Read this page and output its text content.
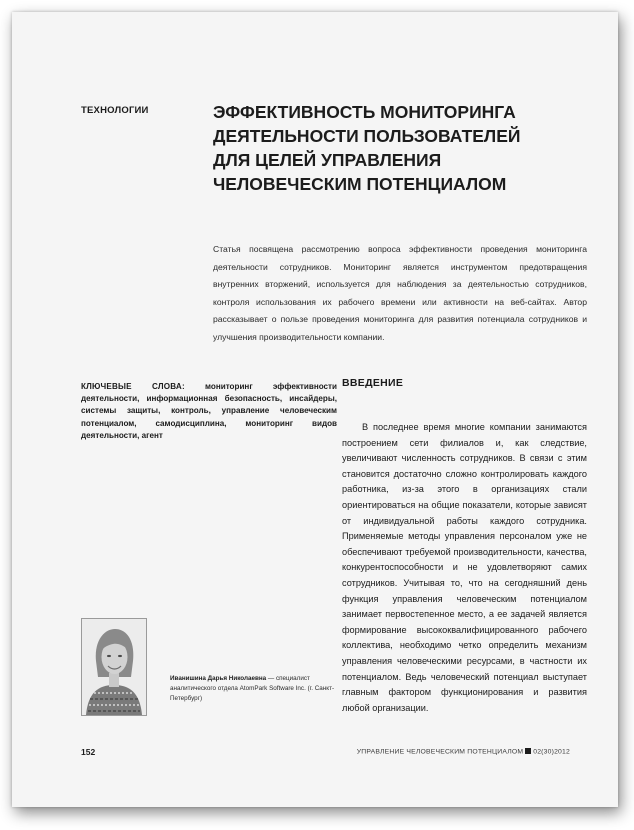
ТЕХНОЛОГИИ	ЭФФЕКТИВНОСТЬ МОНИТОРИНГА ДЕЯТЕЛЬНОСТИ ПОЛЬЗОВАТЕЛЕЙ ДЛЯ ЦЕЛЕЙ УПРАВЛЕНИЯ ЧЕЛОВЕЧЕСКИМ ПОТЕНЦИАЛОМ

Статья посвящена рассмотрению вопроса эффективности проведения мониторинга деятельности сотрудников. Мониторинг является инструментом предотвращения внутренних вторжений, используется для наблюдения за деятельностью сотрудников, контроля использования их рабочего времени или активности на веб-сайтах. Автор рассказывает о пользе проведения мониторинга для развития потенциала сотрудников и улучшения производительности компании.

КЛЮЧЕВЫЕ СЛОВА: мониторинг эффективности деятельности, информационная безопасность, инсайдеры, системы защиты, контроль, управление человеческим потенциалом, самодисциплина, мониторинг видов деятельности, агент

ВВЕДЕНИЕ

В последнее время многие компании занимаются построением сети филиалов и, как следствие, увеличивают численность сотрудников. В связи с этим становится достаточно сложно контролировать каждого работника, из-за этого в организациях стали ориентироваться на общие показатели, которые зависят от индивидуальной работы каждого сотрудника. Применяемые методы управления персоналом уже не обеспечивают требуемой производительности, качества, конкурентоспособности и не удовлетворяют самих сотрудников. Учитывая то, что на сегодняшний день функция управления человеческим потенциалом занимает первостепенное место, а ее задачей является формирование высококвалифицированного рабочего коллектива, необходимо четко определить механизм управления человеческими ресурсами, в частности их потенциалом. Ведь человеческий потенциал выступает главным фактором функционирования и развития любой организации.

Иванишина Дарья Николаевна — специалист аналитического отдела AtomPark Software Inc. (г. Санкт-Петербург)

152	УПРАВЛЕНИЕ ЧЕЛОВЕЧЕСКИМ ПОТЕНЦИАЛОМ 02(30)2012
